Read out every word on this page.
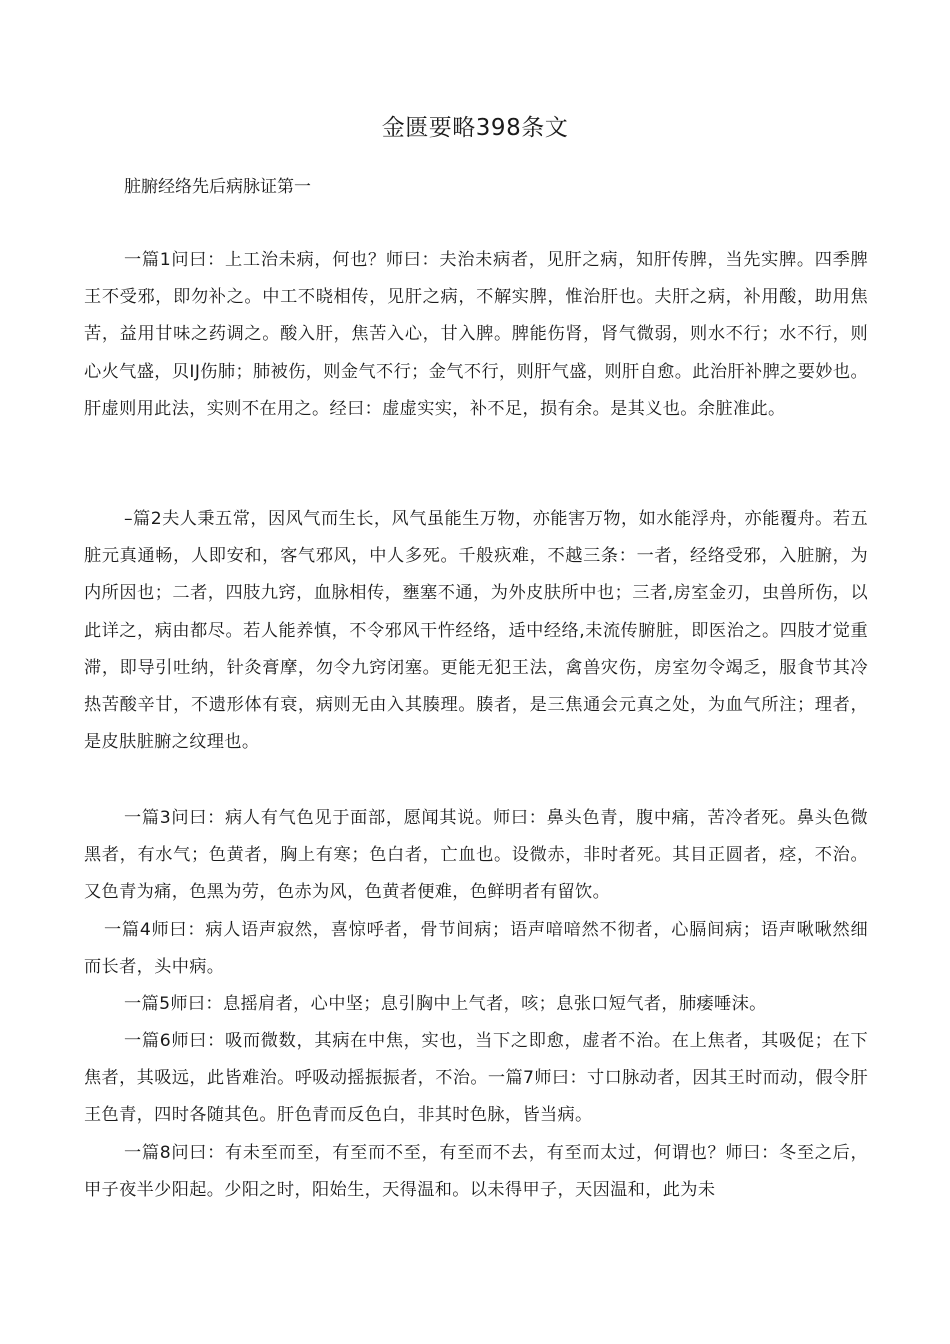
金匮要略398条文
脏腑经络先后病脉证第一

一篇1问曰：上工治未病，何也？师曰：夫治未病者，见肝之病，知肝传脾，当先实脾。四季脾王不受邪，即勿补之。中工不晓相传，见肝之病，不解实脾，惟治肝也。夫肝之病，补用酸，助用焦苦，益用甘味之药调之。酸入肝，焦苦入心，甘入脾。脾能伤肾，肾气微弱，则水不行；水不行，则心火气盛，贝IJ伤肺；肺被伤，则金气不行；金气不行，则肝气盛，则肝自愈。此治肝补脾之要妙也。肝虚则用此法，实则不在用之。经曰：虚虚实实，补不足，损有余。是其义也。余脏准此。

–篇2夫人秉五常，因风气而生长，风气虽能生万物，亦能害万物，如水能浮舟，亦能覆舟。若五脏元真通畅，人即安和，客气邪风，中人多死。千般疢难，不越三条：一者，经络受邪，入脏腑，为内所因也；二者，四肢九窍，血脉相传，壅塞不通，为外皮肤所中也；三者,房室金刃，虫兽所伤，以此详之，病由都尽。若人能养慎，不令邪风干忤经络，适中经络,未流传腑脏，即医治之。四肢才觉重滞，即导引吐纳，针灸膏摩，勿令九窍闭塞。更能无犯王法，禽兽灾伤，房室勿令竭乏，服食节其冷热苦酸辛甘，不遗形体有衰，病则无由入其腠理。腠者，是三焦通会元真之处，为血气所注；理者，是皮肤脏腑之纹理也。

一篇3问曰：病人有气色见于面部，愿闻其说。师曰：鼻头色青，腹中痛，苦冷者死。鼻头色微黑者，有水气；色黄者，胸上有寒；色白者，亡血也。设微赤，非时者死。其目正圆者，痉，不治。又色青为痛，色黑为劳，色赤为风，色黄者便难，色鲜明者有留饮。

一篇4师曰：病人语声寂然，喜惊呼者，骨节间病；语声喑喑然不彻者，心膈间病；语声啾啾然细而长者，头中病。

一篇5师曰：息摇肩者，心中坚；息引胸中上气者，咳；息张口短气者，肺痿唾沫。

一篇6师曰：吸而微数，其病在中焦，实也，当下之即愈，虚者不治。在上焦者，其吸促；在下焦者，其吸远，此皆难治。呼吸动摇振振者，不治。一篇7师曰：寸口脉动者，因其王时而动，假令肝王色青，四时各随其色。肝色青而反色白，非其时色脉，皆当病。

一篇8问曰：有未至而至，有至而不至，有至而不去，有至而太过，何谓也？师曰：冬至之后，甲子夜半少阳起。少阳之时，阳始生，天得温和。以未得甲子，天因温和，此为未
